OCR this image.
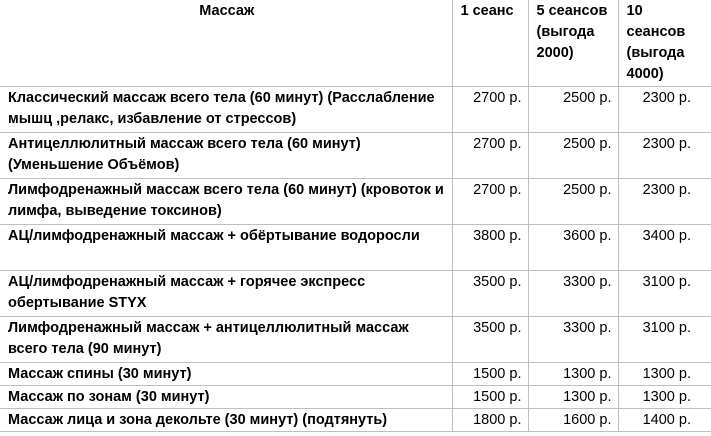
Массаж	1 сеанс	5 сеансов (выгода 2000)	10 сеансов (выгода 4000)
Классический массаж всего тела (60 минут) (Расслабление мышц ,релакс, избавление от стрессов)	2700 р.	2500 р.	2300 р.
Антицеллюлитный массаж всего тела (60 минут) (Уменьшение Объёмов)	2700 р.	2500 р.	2300 р.
Лимфодренажный массаж всего тела (60 минут) (кровоток и лимфа, выведение токсинов)	2700 р.	2500 р.	2300 р.
АЦ/лимфодренажный массаж + обёртывание водоросли	3800 р.	3600 р.	3400 р.
АЦ/лимфодренажный массаж + горячее экспресс обертывание STYX	3500 р.	3300 р.	3100 р.
Лимфодренажный массаж + антицеллюлитный массаж всего тела (90 минут)	3500 р.	3300 р.	3100 р.
Массаж спины (30 минут)	1500 р.	1300 р.	1300 р.
Массаж по зонам (30 минут)	1500 р.	1300 р.	1300 р.
Массаж лица и зона декольте (30 минут) (подтянуть)	1800 р.	1600 р.	1400 р.
